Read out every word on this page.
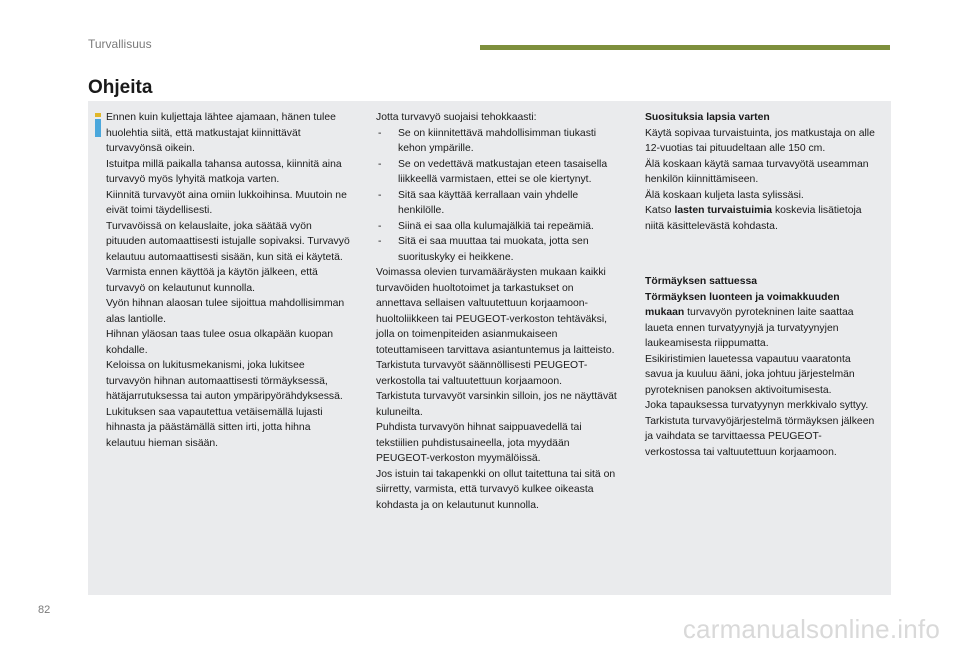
Turvallisuus
Ohjeita

Ennen kuin kuljettaja lähtee ajamaan, hänen tulee huolehtia siitä, että matkustajat kiinnittävät turvavyönsä oikein.

Istuitpa millä paikalla tahansa autossa, kiinnitä aina turvavyö myös lyhyitä matkoja varten.

Kiinnitä turvavyöt aina omiin lukkoihinsa. Muutoin ne eivät toimi täydellisesti.

Turvavöissä on kelauslaite, joka säätää vyön pituuden automaattisesti istujalle sopivaksi. Turvavyö kelautuu automaattisesti sisään, kun sitä ei käytetä.

Varmista ennen käyttöä ja käytön jälkeen, että turvavyö on kelautunut kunnolla.

Vyön hihnan alaosan tulee sijoittua mahdollisimman alas lantiolle.

Hihnan yläosan taas tulee osua olkapään kuopan kohdalle.

Keloissa on lukitusmekanismi, joka lukitsee turvavyön hihnan automaattisesti törmäyksessä, hätäjarrutuksessa tai auton ympäripyörähdyksessä. Lukituksen saa vapautettua vetäisemällä lujasti hihnasta ja päästämällä sitten irti, jotta hihna kelautuu hieman sisään.

Jotta turvavyö suojaisi tehokkaasti:

- Se on kiinnitettävä mahdollisimman tiukasti kehon ympärille.
- Se on vedettävä matkustajan eteen tasaisella liikkeellä varmistaen, ettei se ole kiertynyt.
- Sitä saa käyttää kerrallaan vain yhdelle henkilölle.
- Siinä ei saa olla kulumajälkiä tai repeämiä.
- Sitä ei saa muuttaa tai muokata, jotta sen suorituskyky ei heikkene.

Voimassa olevien turvamääräysten mukaan kaikki turvavöiden huoltotoimet ja tarkastukset on annettava sellaisen valtuutettuun korjaamoon-huoltoliikkeen tai PEUGEOT-verkoston tehtäväksi, jolla on toimenpiteiden asianmukaiseen toteuttamiseen tarvittava asiantuntemus ja laitteisto.

Tarkistuta turvavyöt säännöllisesti PEUGEOT-verkostolla tai valtuutettuun korjaamoon.

Tarkistuta turvavyöt varsinkin silloin, jos ne näyttävät kuluneilta.

Puhdista turvavyön hihnat saippuavedellä tai tekstiilien puhdistusaineella, jota myydään PEUGEOT-verkoston myymälöissä.

Jos istuin tai takapenkki on ollut taitettuna tai sitä on siirretty, varmista, että turvavyö kulkee oikeasta kohdasta ja on kelautunut kunnolla.

Suosituksia lapsia varten

Käytä sopivaa turvaistuinta, jos matkustaja on alle 12-vuotias tai pituudeltaan alle 150 cm.

Älä koskaan käytä samaa turvavyötä useamman henkilön kiinnittämiseen.

Älä koskaan kuljeta lasta sylissäsi.

Katso lasten turvaistuimia koskevia lisätietoja niitä käsittelevästä kohdasta.

Törmäyksen sattuessa

Törmäyksen luonteen ja voimakkuuden mukaan turvavyön pyrotekninen laite saattaa laueta ennen turvatyynyjä ja turvatyynyjen laukeamisesta riippumatta.

Esikiristimien lauetessa vapautuu vaaratonta savua ja kuuluu ääni, joka johtuu järjestelmän pyroteknisen panoksen aktivoitumisesta.

Joka tapauksessa turvatyynyn merkkivalo syttyy.

Tarkistuta turvavyöjärjestelmä törmäyksen jälkeen ja vaihdata se tarvittaessa PEUGEOT-verkostossa tai valtuutettuun korjaamoon.

82
carmanualsonline.info
